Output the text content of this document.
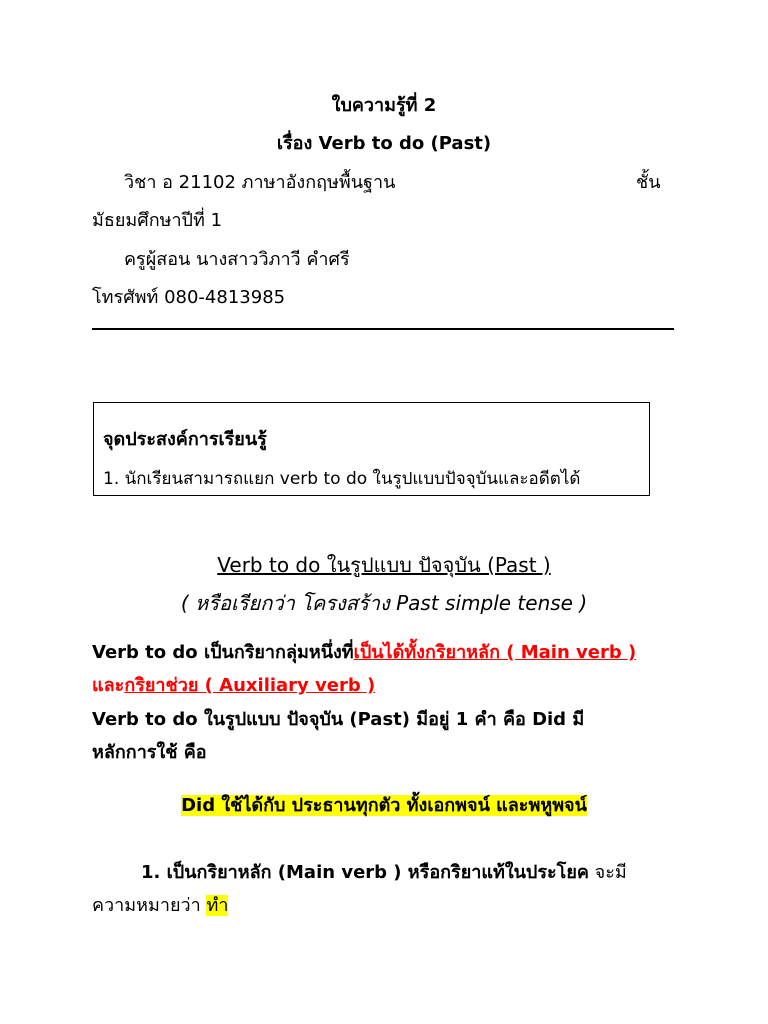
ใบความรู้ที่ 2
เรื่อง Verb to do (Past)
วิชา อ 21102 ภาษาอังกฤษพื้นฐาน	ชั้น
มัธยมศึกษาปีที่ 1
ครูผู้สอน นางสาววิภาวี คำศรี
โทรศัพท์ 080-4813985
จุดประสงค์การเรียนรู้
1. นักเรียนสามารถแยก verb to do ในรูปแบบปัจจุบันและอดีตได้
Verb to do ในรูปแบบ ปัจจุบัน (Past )
( หรือเรียกว่า โครงสร้าง Past simple tense )
Verb to do เป็นกริยากลุ่มหนึ่งที่เป็นได้ทั้งกริยาหลัก ( Main verb )
และกริยาช่วย ( Auxiliary verb )
Verb to do ในรูปแบบ ปัจจุบัน (Past) มีอยู่ 1 คำ คือ Did มี
หลักการใช้ คือ
Did ใช้ได้กับ ประธานทุกตัว ทั้งเอกพจน์ และพหูพจน์
1. เป็นกริยาหลัก (Main verb ) หรือกริยาแท้ในประโยค จะมี
ความหมายว่า ทำ
